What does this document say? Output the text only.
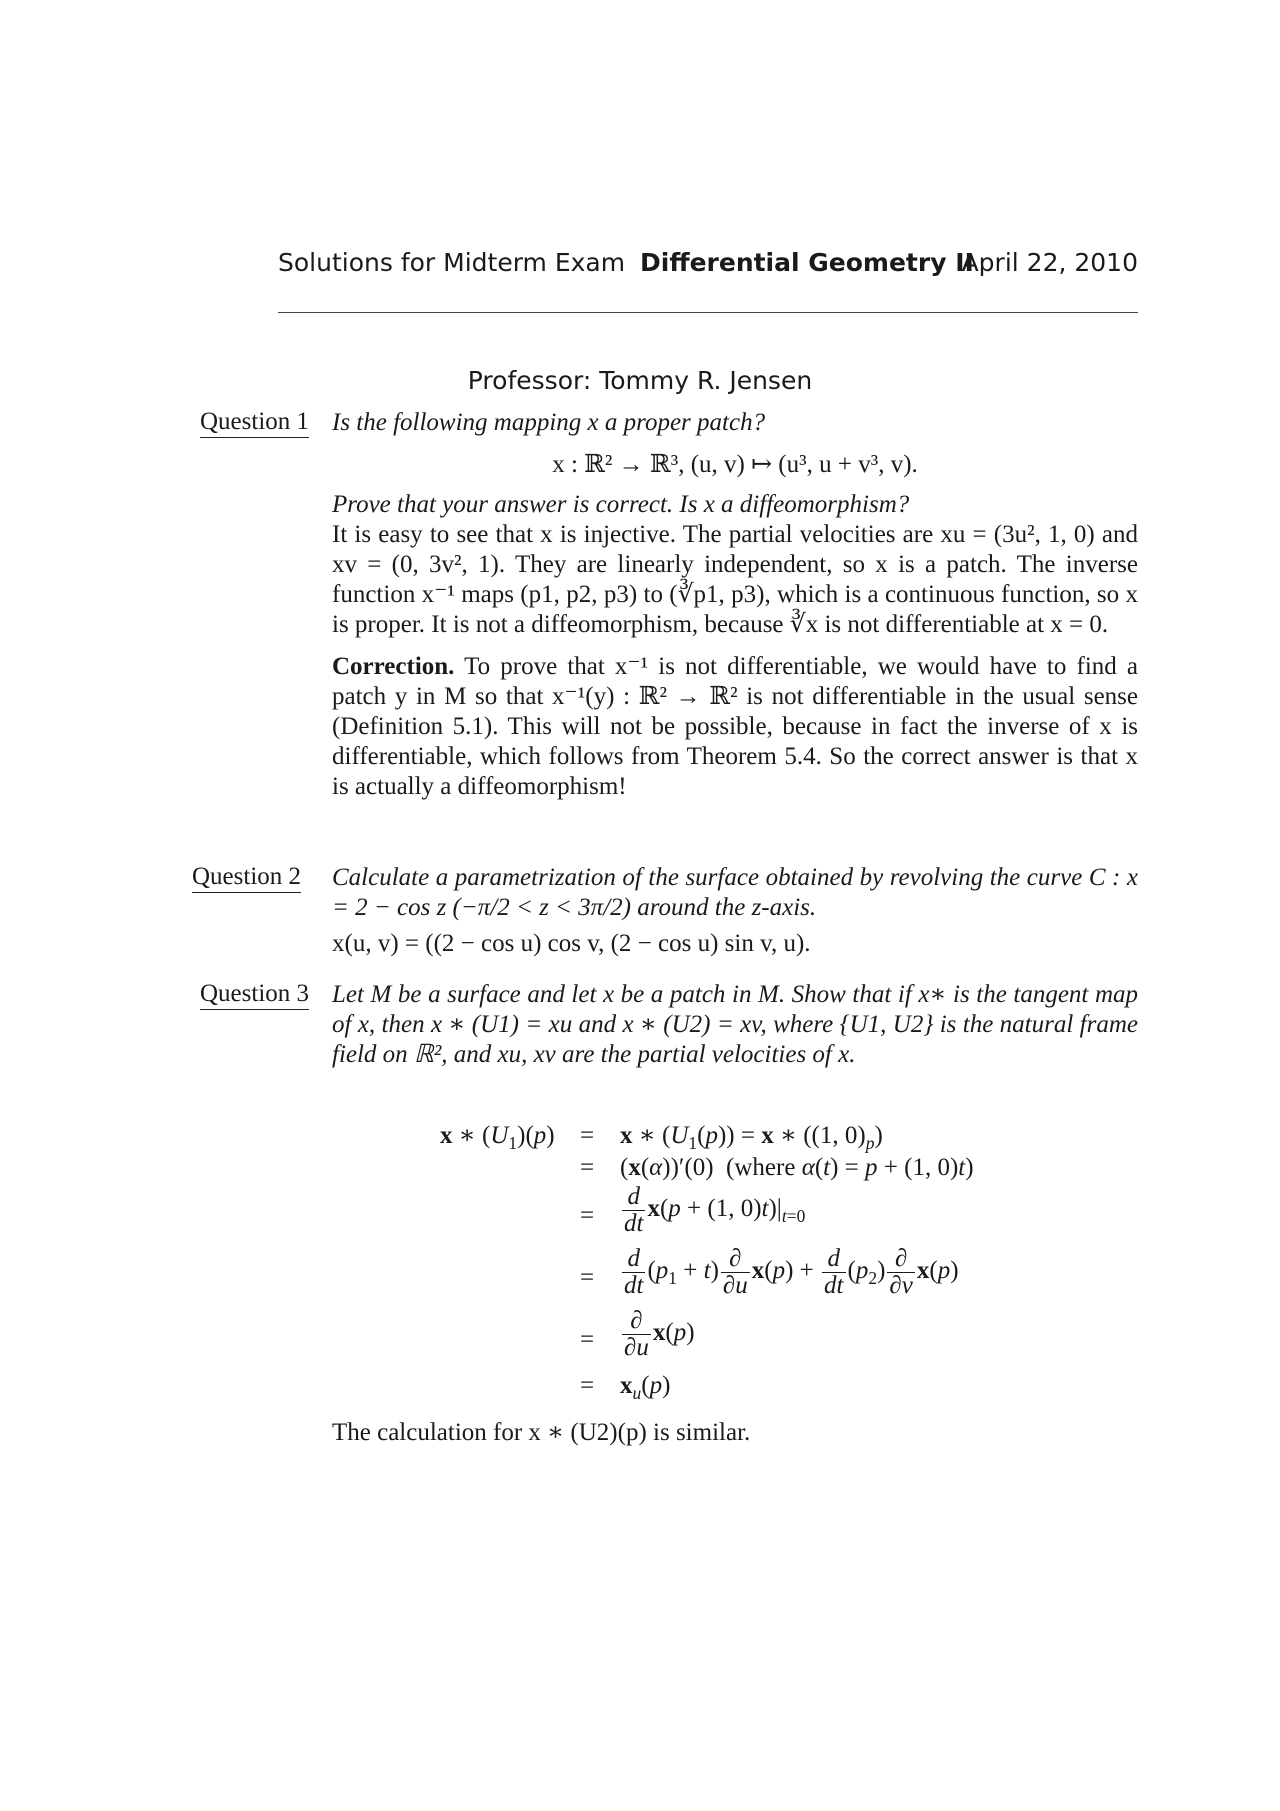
Solutions for Midterm Exam Differential Geometry II
April 22, 2010
Professor: Tommy R. Jensen
Question 1 Is the following mapping x a proper patch?

x : ℝ² → ℝ³, (u, v) ↦ (u³, u + v³, v).

Prove that your answer is correct. Is x a diffeomorphism?

It is easy to see that x is injective. The partial velocities are xu = (3u², 1, 0) and xv = (0, 3v², 1). They are linearly independent, so x is a patch. The inverse function x⁻¹ maps (p1, p2, p3) to (∛p1, p3), which is a continuous function, so x is proper. It is not a diffeomorphism, because ∛x is not differentiable at x = 0.

Correction. To prove that x⁻¹ is not differentiable, we would have to find a patch y in M so that x⁻¹(y) : ℝ² → ℝ² is not differentiable in the usual sense (Definition 5.1). This will not be possible, because in fact the inverse of x is differentiable, which follows from Theorem 5.4. So the correct answer is that x is actually a diffeomorphism!

Question 2 Calculate a parametrization of the surface obtained by revolving the curve C : x = 2 − cos z (−π/2 < z < 3π/2) around the z-axis.

x(u, v) = ((2 − cos u) cos v, (2 − cos u) sin v, u).

Question 3 Let M be a surface and let x be a patch in M. Show that if x∗ is the tangent map of x, then x ∗ (U1) = xu and x ∗ (U2) = xv, where {U1, U2} is the natural frame field on ℝ², and xu, xv are the partial velocities of x.
x ∗ $(U_1)(p) = x$ ∗ $(U_1(p)) = x$ ∗ ((1, $0)_p$)
= (x(α))′(0)  (where α(t) = p + (1, 0)t)
= $\frac{d}{dt} x(p + (1$, $0)t)|_{t=0}$
= $\frac{d}{dt} (p_1 + t) \frac{\partial}{\partial u} x(p) + \frac{d}{dt} (p_2) \frac{\partial}{\partial v} x(p)$
= $\frac{\partial}{\partial u} x(p)$
= $x_u(p)$
The calculation for x ∗ (U2)(p) is similar.
